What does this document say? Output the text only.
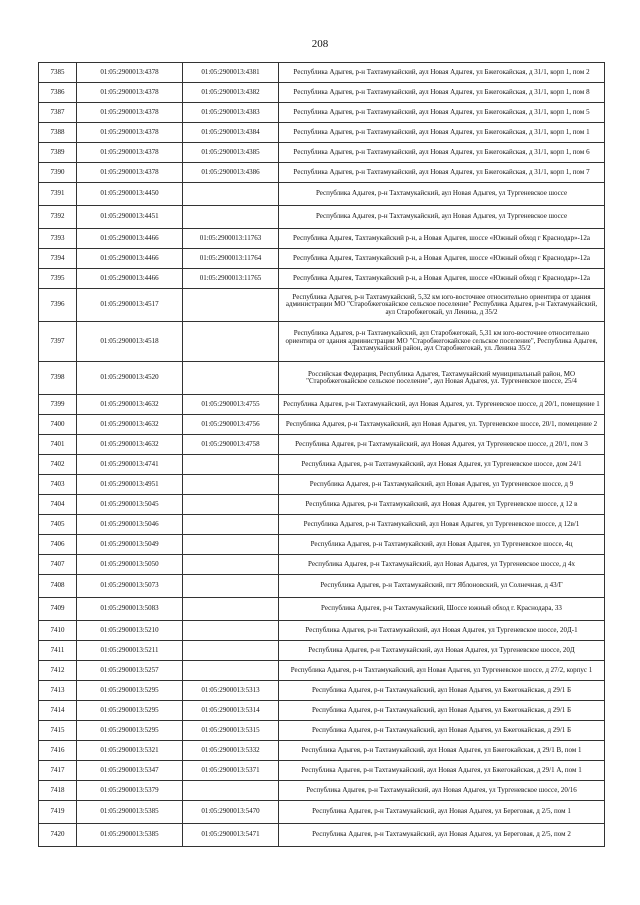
208
7385	01:05:2900013:4378	01:05:2900013:4381	Республика Адыгея, р-н Тахтамукайский, аул Новая Адыгея, ул Бжегокайская, д 31/1, корп 1, пом 2
7386	01:05:2900013:4378	01:05:2900013:4382	Республика Адыгея, р-н Тахтамукайский, аул Новая Адыгея, ул Бжегокайская, д 31/1, корп 1, пом 8
7387	01:05:2900013:4378	01:05:2900013:4383	Республика Адыгея, р-н Тахтамукайский, аул Новая Адыгея, ул Бжегокайская, д 31/1, корп 1, пом 5
7388	01:05:2900013:4378	01:05:2900013:4384	Республика Адыгея, р-н Тахтамукайский, аул Новая Адыгея, ул Бжегокайская, д 31/1, корп 1, пом 1
7389	01:05:2900013:4378	01:05:2900013:4385	Республика Адыгея, р-н Тахтамукайский, аул Новая Адыгея, ул Бжегокайская, д 31/1, корп 1, пом 6
7390	01:05:2900013:4378	01:05:2900013:4386	Республика Адыгея, р-н Тахтамукайский, аул Новая Адыгея, ул Бжегокайская, д 31/1, корп 1, пом 7
7391	01:05:2900013:4450		Республика Адыгея, р-н Тахтамукайский, аул Новая Адыгея, ул Тургеневское шоссе
7392	01:05:2900013:4451		Республика Адыгея, р-н Тахтамукайский, аул Новая Адыгея, ул Тургеневское шоссе
7393	01:05:2900013:4466	01:05:2900013:11763	Республика Адыгея, Тахтамукайский р-н, а Новая Адыгея, шоссе «Южный обход г Краснодар»-12а
7394	01:05:2900013:4466	01:05:2900013:11764	Республика Адыгея, Тахтамукайский р-н, а Новая Адыгея, шоссе «Южный обход г Краснодар»-12а
7395	01:05:2900013:4466	01:05:2900013:11765	Республика Адыгея, Тахтамукайский р-н, а Новая Адыгея, шоссе «Южный обход г Краснодар»-12а
7396	01:05:2900013:4517		Республика Адыгея, р-н Тахтамукайский, 5,32 км юго-восточнее относительно ориентира от здания администрации МО "Старобжегокайское сельское поселение" Республика Адыгея, р-н Тахтамукайский, аул Старобжегокай, ул Ленина, д 35/2
7397	01:05:2900013:4518		Республика Адыгея, р-н Тахтамукайский, аул Старобжегокай, 5,31 км юго-восточнее относительно ориентира от здания администрации МО "Старобжегокайское сельское поселение", Республика Адыгея, Тахтамукайский район, аул Старобжегокай, ул. Ленина 35/2
7398	01:05:2900013:4520		Российская Федерация, Республика Адыгея, Тахтамукайский муниципальный район, МО "Старобжегокайское сельское поселение", аул Новая Адыгея, ул. Тургеневское шоссе, 25/4
7399	01:05:2900013:4632	01:05:2900013:4755	Республика Адыгея, р-н Тахтамукайский, аул Новая Адыгея, ул. Тургеневское шоссе, д 20/1, помещение 1
7400	01:05:2900013:4632	01:05:2900013:4756	Республика Адыгея, р-н Тахтамукайский, аул Новая Адыгея, ул. Тургеневское шоссе, 20/1, помещение 2
7401	01:05:2900013:4632	01:05:2900013:4758	Республика Адыгея, р-н Тахтамукайский, аул Новая Адыгея, ул Тургеневское шоссе, д 20/1, пом 3
7402	01:05:2900013:4741		Республика Адыгея, р-н Тахтамукайский, аул Новая Адыгея, ул Тургеневское шоссе, дом 24/1
7403	01:05:2900013:4951		Республика Адыгея, р-н Тахтамукайский, аул Новая Адыгея, ул Тургеневское шоссе, д 9
7404	01:05:2900013:5045		Республика Адыгея, р-н Тахтамукайский, аул Новая Адыгея, ул Тургеневское шоссе, д 12 в
7405	01:05:2900013:5046		Республика Адыгея, р-н Тахтамукайский, аул Новая Адыгея, ул Тургеневское шоссе, д 12в/1
7406	01:05:2900013:5049		Республика Адыгея, р-н Тахтамукайский, аул Новая Адыгея, ул Тургеневское шоссе, 4ц
7407	01:05:2900013:5050		Республика Адыгея, р-н Тахтамукайский, аул Новая Адыгея, ул Тургеневское шоссе, д 4х
7408	01:05:2900013:5073		Республика Адыгея, р-н Тахтамукайский, пгт Яблоновский, ул Солнечная, д 43/Г
7409	01:05:2900013:5083		Республика Адыгея, р-н Тахтамукайский, Шоссе южный обход г. Краснодара, 33
7410	01:05:2900013:5210		Республика Адыгея, р-н Тахтамукайский, аул Новая Адыгея, ул Тургеневское шоссе, 20Д-1
7411	01:05:2900013:5211		Республика Адыгея, р-н Тахтамукайский, аул Новая Адыгея, ул Тургеневское шоссе, 20Д
7412	01:05:2900013:5257		Республика Адыгея, р-н Тахтамукайский, аул Новая Адыгея, ул Тургеневское шоссе, д 27/2, корпус 1
7413	01:05:2900013:5295	01:05:2900013:5313	Республика Адыгея, р-н Тахтамукайский, аул Новая Адыгея, ул Бжегокайская, д 29/1 Б
7414	01:05:2900013:5295	01:05:2900013:5314	Республика Адыгея, р-н Тахтамукайский, аул Новая Адыгея, ул Бжегокайская, д 29/1 Б
7415	01:05:2900013:5295	01:05:2900013:5315	Республика Адыгея, р-н Тахтамукайский, аул Новая Адыгея, ул Бжегокайская, д 29/1 Б
7416	01:05:2900013:5321	01:05:2900013:5332	Республика Адыгея, р-н Тахтамукайский, аул Новая Адыгея, ул Бжегокайская, д 29/1 В, пом 1
7417	01:05:2900013:5347	01:05:2900013:5371	Республика Адыгея, р-н Тахтамукайский, аул Новая Адыгея, ул Бжегокайская, д 29/1 А, пом 1
7418	01:05:2900013:5379		Республика Адыгея, р-н Тахтамукайский, аул Новая Адыгея, ул Тургеневское шоссе, 20/16
7419	01:05:2900013:5385	01:05:2900013:5470	Республика Адыгея, р-н Тахтамукайский, аул Новая Адыгея, ул Береговая, д 2/5, пом 1
7420	01:05:2900013:5385	01:05:2900013:5471	Республика Адыгея, р-н Тахтамукайский, аул Новая Адыгея, ул Береговая, д 2/5, пом 2
